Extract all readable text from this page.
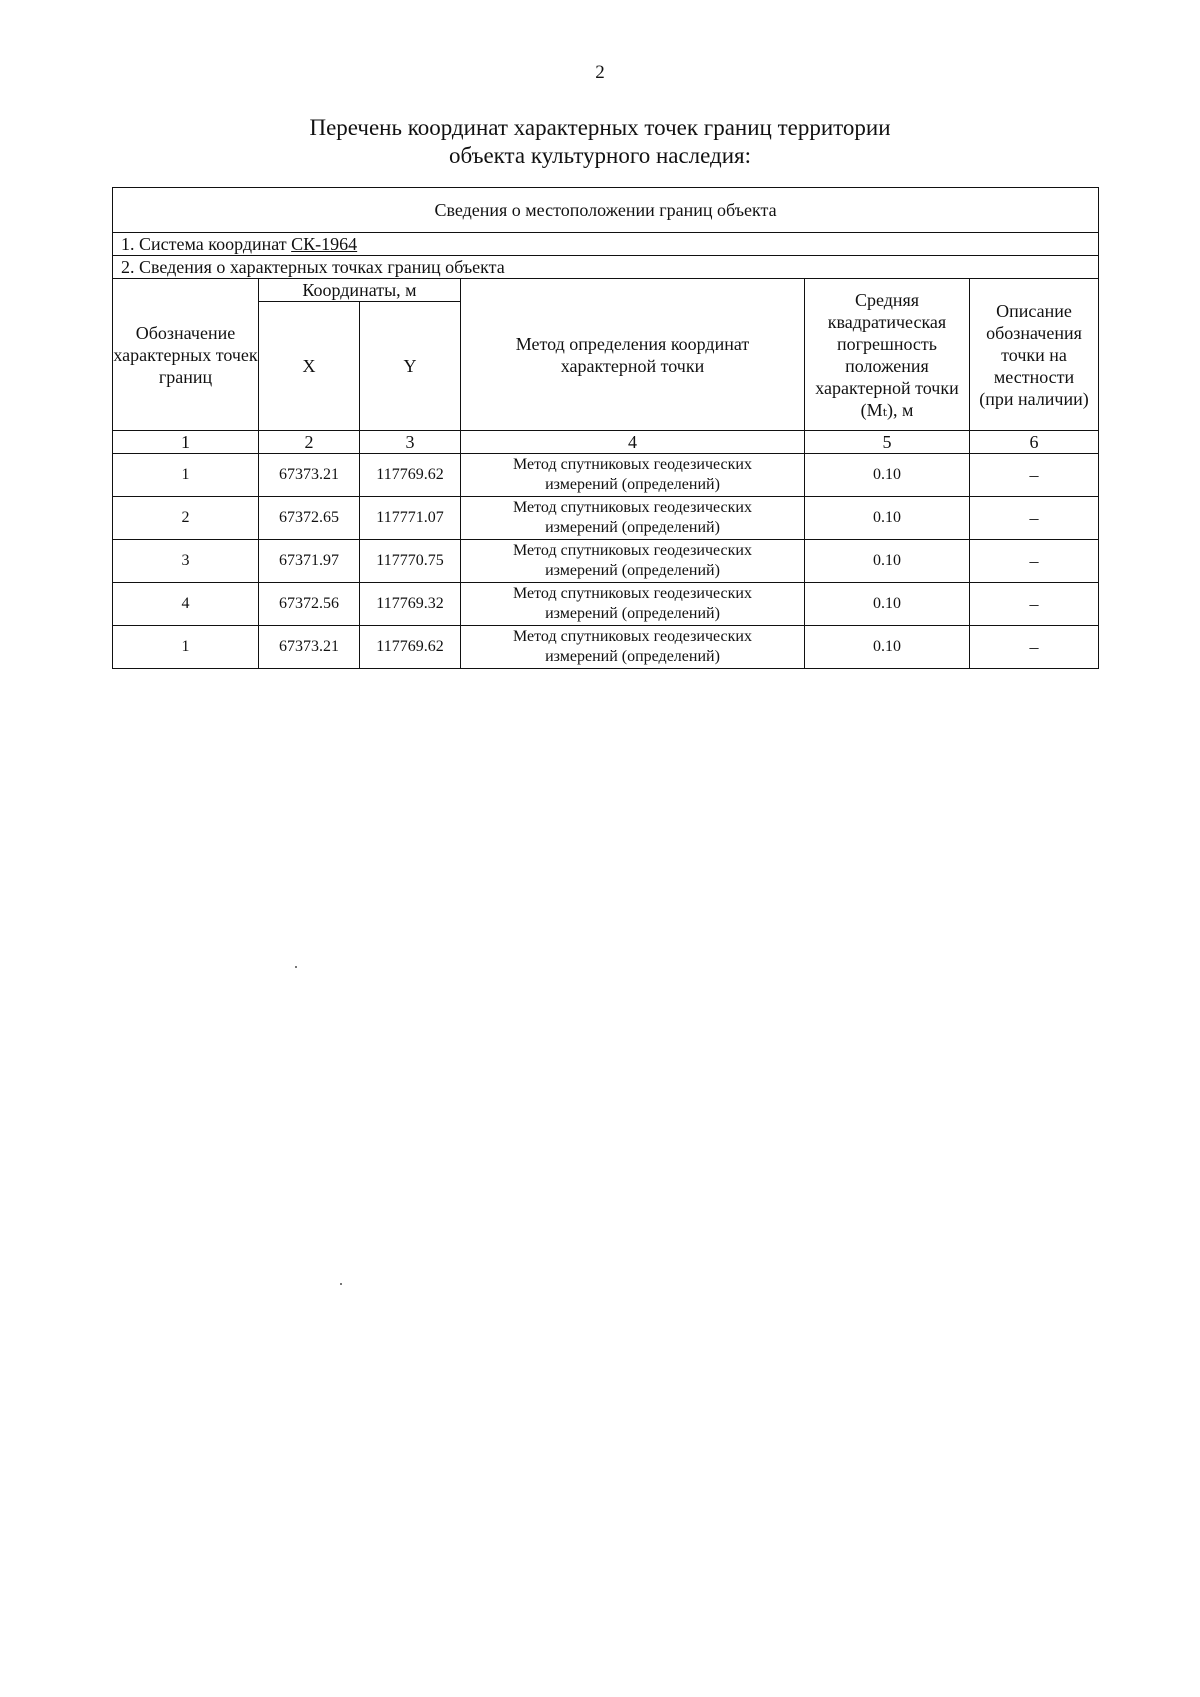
2
Перечень координат характерных точек границ территории
объекта культурного наследия:
Сведения о местоположении границ объекта					
1. Система координат СК-1964					
2. Сведения о характерных точках границ объекта					
Обозначение характерных точек границ	Координаты, м		Метод определения координат характерной точки	Средняя квадратическая погрешность положения характерной точки (Mₜ), м	Описание обозначения точки на местности (при наличии)
	X	Y			
1	2	3	4	5	6
1	67373.21	117769.62	Метод спутниковых геодезических измерений (определений)	0.10	–
2	67372.65	117771.07	Метод спутниковых геодезических измерений (определений)	0.10	–
3	67371.97	117770.75	Метод спутниковых геодезических измерений (определений)	0.10	–
4	67372.56	117769.32	Метод спутниковых геодезических измерений (определений)	0.10	–
1	67373.21	117769.62	Метод спутниковых геодезических измерений (определений)	0.10	–
